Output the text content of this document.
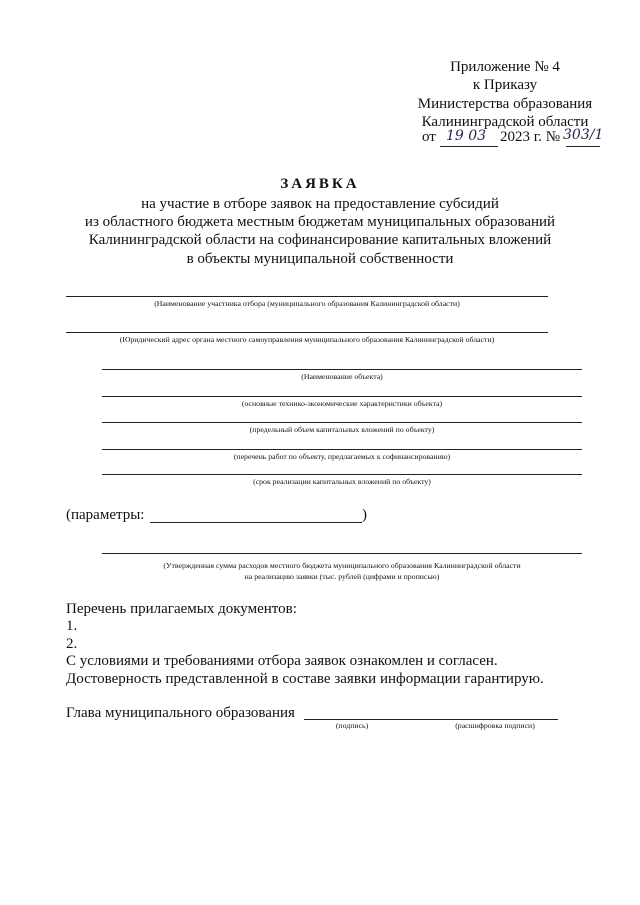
Приложение № 4
к Приказу
Министерства образования
Калининградской области
от 19 03 2023 г. № 303/1
ЗАЯВКА
на участие в отборе заявок на предоставление субсидий
из областного бюджета местным бюджетам муниципальных образований
Калининградской области на софинансирование капитальных вложений
в объекты муниципальной собственности
(Наименование участника отбора (муниципального образования Калининградской области)
(Юридический адрес органа местного самоуправления муниципального образования Калининградской области)
(Наименование объекта)
(основные технико-экономические характеристики объекта)
(предельный объем капитальных вложений по объекту)
(перечень работ по объекту, предлагаемых к софинансированию)
(срок реализации капитальных вложений по объекту)
(параметры:	)
(Утвержденная сумма расходов местного бюджета муниципального образования Калининградской области
на реализацию заявки (тыс. рублей (цифрами и прописью)
Перечень прилагаемых документов:
1.
2.
С условиями и требованиями отбора заявок ознакомлен и согласен.
Достоверность представленной в составе заявки информации гарантирую.
Глава муниципального образования
(подпись)	(расшифровка подписи)
